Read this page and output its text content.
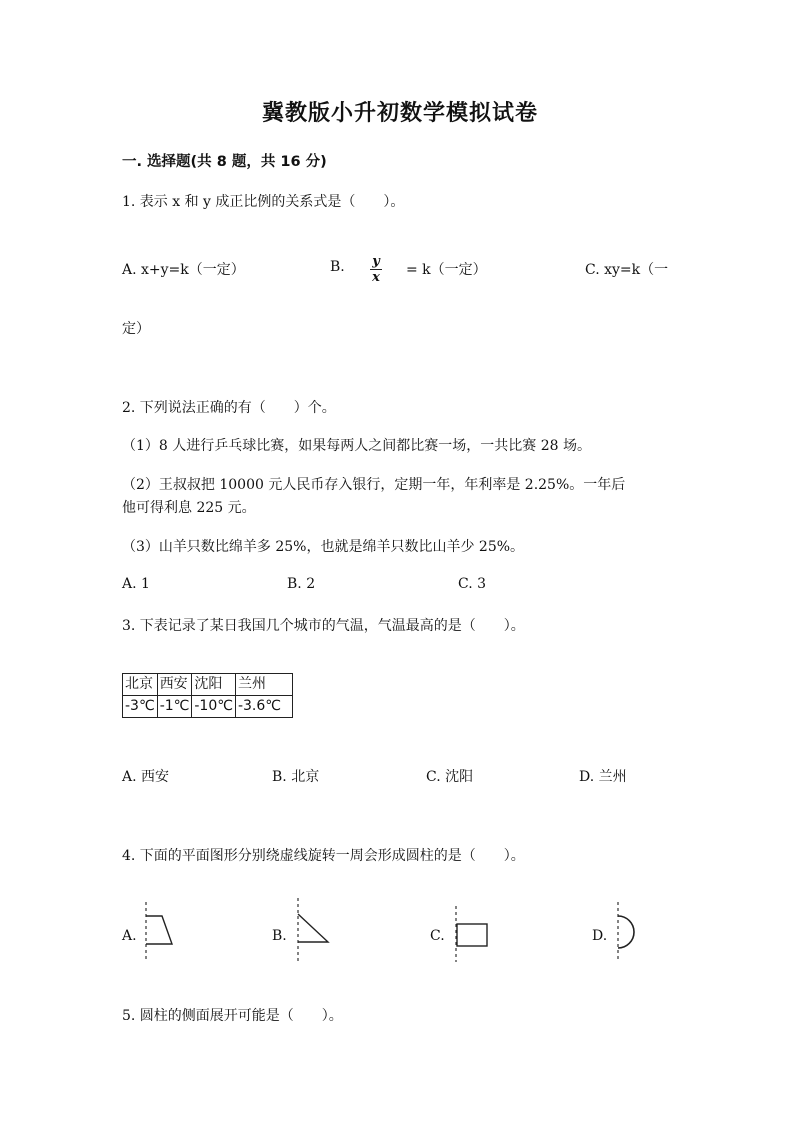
冀教版小升初数学模拟试卷
一. 选择题(共 8 题，共 16 分)
1. 表示 x 和 y 成正比例的关系式是（　　）。
A. x+y=k（一定）	B. y
x = k（一定）	C. xy=k（一
定）
2. 下列说法正确的有（　　）个。
（1）8 人进行乒乓球比赛，如果每两人之间都比赛一场，一共比赛 28 场。
（2）王叔叔把 10000 元人民币存入银行，定期一年，年利率是 2.25%。一年后
他可得利息 225 元。
（3）山羊只数比绵羊多 25%，也就是绵羊只数比山羊少 25%。
A. 1	B. 2	C. 3
3. 下表记录了某日我国几个城市的气温，气温最高的是（　　）。
北京	西安	沈阳	兰州
-3℃	-1℃	-10℃	-3.6℃
A. 西安	B. 北京	C. 沈阳	D. 兰州
4. 下面的平面图形分别绕虚线旋转一周会形成圆柱的是（　　）。
A.	B.	C.	D.
5. 圆柱的侧面展开可能是（　　）。
